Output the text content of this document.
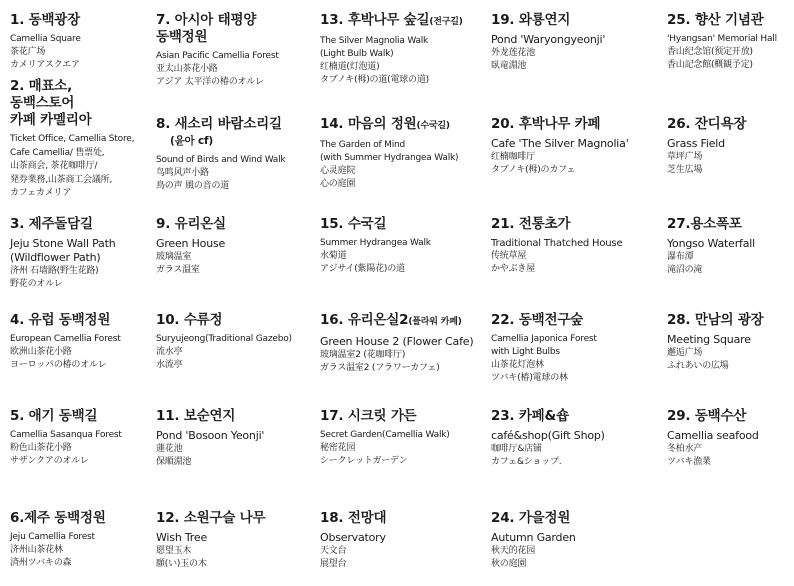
1. 동백광장
Camellia Square
茶花广场
カメリアスクエア
2. 매표소,
동백스토어
카페 카멜리아
Ticket Office, Camellia Store,
Cafe Camellia/ 售票处,
山茶商会, 茶花咖啡厅/
発券業務,山茶商工会議所,
カフェカメリア
3. 제주돌담길
Jeju Stone Wall Path
(Wildflower Path)
济州 石墙路(野生花路)
野花のオルレ
4. 유럽 동백정원
European Camellia Forest
欧洲山茶花小路
ヨーロッパの椿のオルレ
5. 애기 동백길
Camellia Sasanqua Forest
粉色山茶花小路
サザンクアのオルレ
6.제주 동백정원
Jeju Camellia Forest
济州山茶花林
済州ツバキの森
7. 아시아 태평양
동백정원
Asian Pacific Camellia Forest
亚太山茶花小路
アジア 太平洋の椿のオルレ
8. 새소리 바람소리길
(윤아 cf)
Sound of Birds and Wind Walk
鸟鸣风声小路
鳥の声 風の音の道
9. 유리온실
Green House
玻璃温室
ガラス温室
10. 수류정
Suryujeong(Traditional Gazebo)
流水亭
水流亭
11. 보순연지
Pond 'Bosoon Yeonji'
蓮花池
保順淵池
12. 소원구슬 나무
Wish Tree
愿望玉木
願(い)玉の木
13. 후박나무 숲길(전구길)
The Silver Magnolia Walk
(Light Bulb Walk)
红楠道(灯泡道)
タブノキ(栂)の道(電球の道)
14. 마음의 정원(수국길)
The Garden of Mind
(with Summer Hydrangea Walk)
心灵庭院
心の庭園
15. 수국길
Summer Hydrangea Walk
水菊道
アジサイ(紫陽花)の道
16. 유리온실2(플라워 카페)
Green House 2 (Flower Cafe)
玻璃温室2 (花咖啡厅)
ガラス温室2 (フラワーカフェ)
17. 시크릿 가든
Secret Garden(Camellia Walk)
秘密花园
シークレットガーデン
18. 전망대
Observatory
天文台
展望台
19. 와룡연지
Pond 'Waryongyeonji'
外龙莲花池
臥竜淵池
20. 후박나무 카페
Cafe 'The Silver Magnolia'
红楠咖啡厅
タブノキ(栂)のカフェ
21. 전통초가
Traditional Thatched House
传统草屋
かやぶき屋
22. 동백전구숲
Camellia Japonica Forest
with Light Bulbs
山茶花灯泡林
ツバキ(椿)電球の林
23. 카페&숍
café&shop(Gift Shop)
咖啡厅&店铺
カフェ&ショップ.
24. 가을정원
Autumn Garden
秋天的花园
秋の庭園
25. 향산 기념관
'Hyangsan' Memorial Hall
香山纪念馆(预定开放)
香山記念館(概観予定)
26. 잔디욕장
Grass Field
草坪广场
芝生広場
27.용소폭포
Yongso Waterfall
瀑布潭
滝沼の滝
28. 만남의 광장
Meeting Square
邂逅广场
ふれあいの広場
29. 동백수산
Camellia seafood
冬柏水产
ツバキ漁業
